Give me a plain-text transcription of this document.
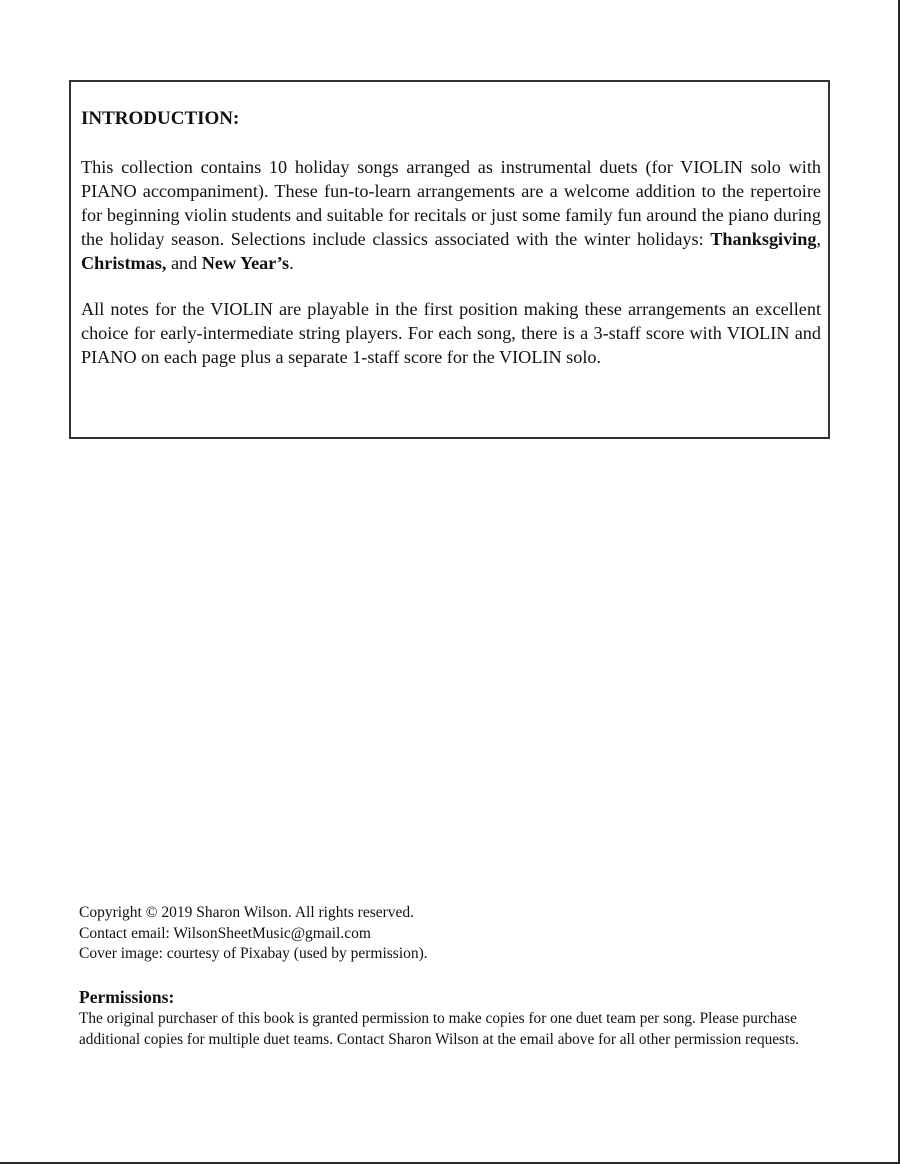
INTRODUCTION:

This collection contains 10 holiday songs arranged as instrumental duets (for VIOLIN solo with PIANO accompaniment). These fun-to-learn arrangements are a welcome addition to the repertoire for beginning violin students and suitable for recitals or just some family fun around the piano during the holiday season. Selections include classics associated with the winter holidays: Thanksgiving, Christmas, and New Year’s.

All notes for the VIOLIN are playable in the first position making these arrangements an excellent choice for early-intermediate string players. For each song, there is a 3-staff score with VIOLIN and PIANO on each page plus a separate 1-staff score for the VIOLIN solo.

Copyright © 2019 Sharon Wilson. All rights reserved.
Contact email: WilsonSheetMusic@gmail.com
Cover image: courtesy of Pixabay (used by permission).
Permissions:

The original purchaser of this book is granted permission to make copies for one duet team per song. Please purchase additional copies for multiple duet teams. Contact Sharon Wilson at the email above for all other permission requests.
